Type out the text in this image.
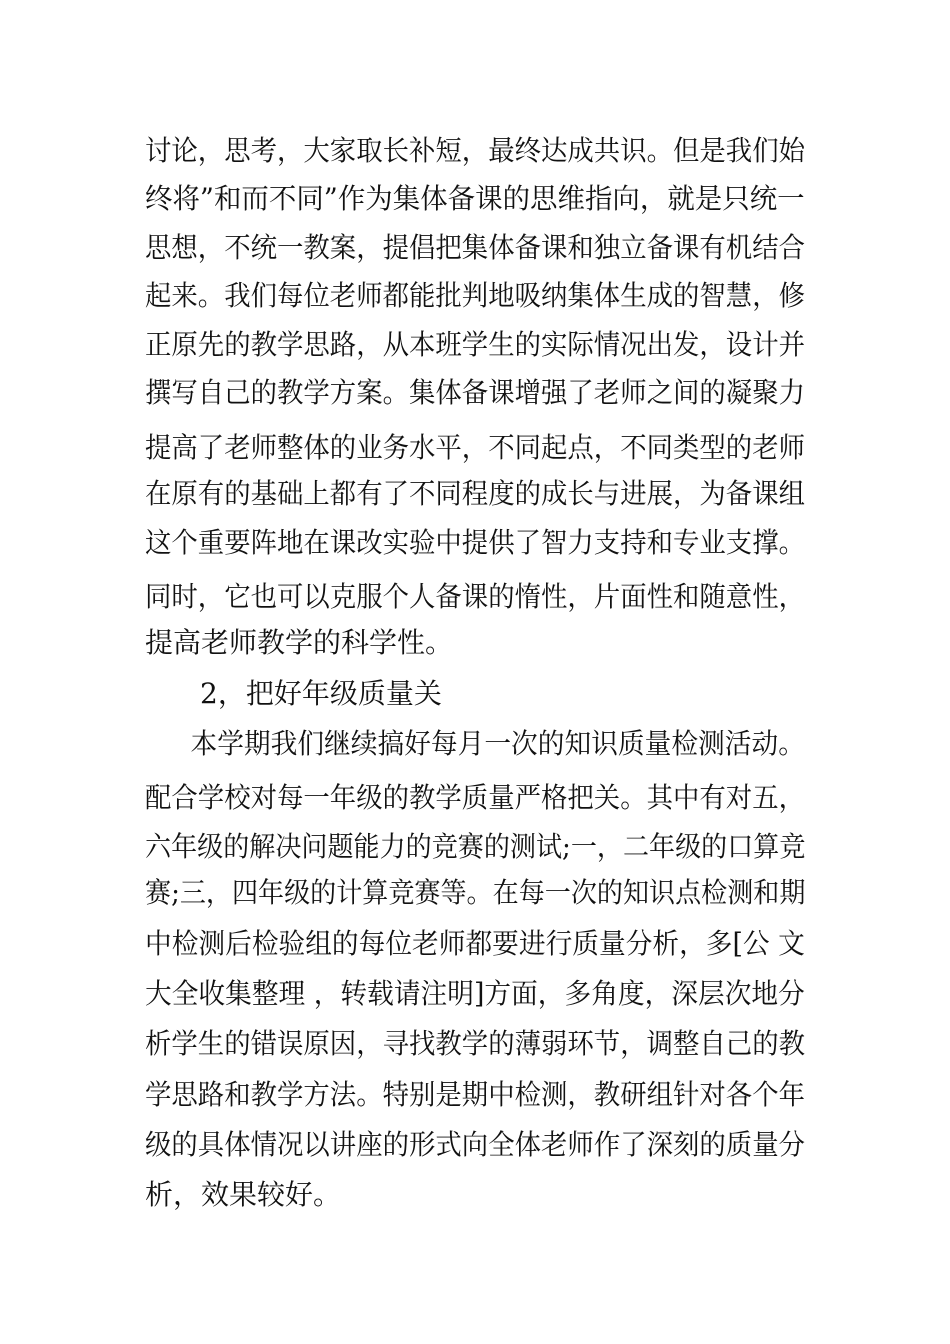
讨论，思考，大家取长补短，最终达成共识。但是我们始
终将”和而不同”作为集体备课的思维指向，就是只统一
思想，不统一教案，提倡把集体备课和独立备课有机结合
起来。我们每位老师都能批判地吸纳集体生成的智慧，修
正原先的教学思路，从本班学生的实际情况出发，设计并
撰写自己的教学方案。集体备课增强了老师之间的凝聚力
提高了老师整体的业务水平，不同起点，不同类型的老师
在原有的基础上都有了不同程度的成长与进展，为备课组
这个重要阵地在课改实验中提供了智力支持和专业支撑。
同时，它也可以克服个人备课的惰性，片面性和随意性，
提高老师教学的科学性。
2，把好年级质量关
本学期我们继续搞好每月一次的知识质量检测活动。
配合学校对每一年级的教学质量严格把关。其中有对五，
六年级的解决问题能力的竞赛的测试;一，二年级的口算竞
赛;三，四年级的计算竞赛等。在每一次的知识点检测和期
中检测后检验组的每位老师都要进行质量分析，多[公 文
大全收集整理 ，转载请注明]方面，多角度，深层次地分
析学生的错误原因，寻找教学的薄弱环节，调整自己的教
学思路和教学方法。特别是期中检测，教研组针对各个年
级的具体情况以讲座的形式向全体老师作了深刻的质量分
析，效果较好。
